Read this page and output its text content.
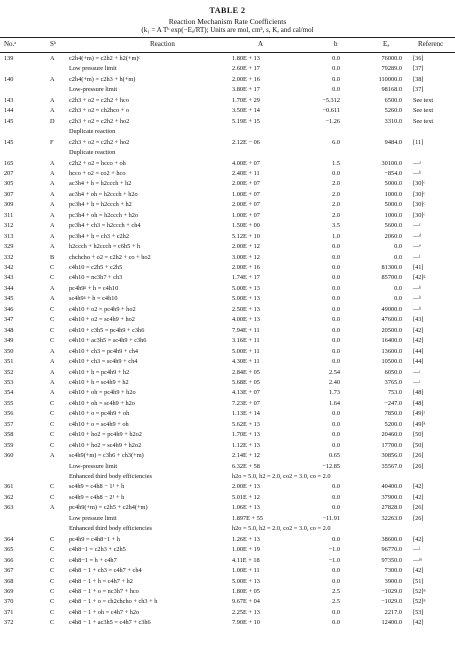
TABLE 2
Reaction Mechanism Rate Coefficients
(k₁ = A Tᵇ exp(−Eₐ/RT); Units are mol, cm³, s, K, and cal/mol
No.ᵃ	Sᵇ	Reaction	A	b	Eₐ	Referenc
139	A c2h4(+m) = c2h2 + h2(+m)ᶜ	1.80E + 13	0.0	76000.0 [36]
Low pressure limit	2.60E + 17	0.0	79289.0 [37]
140	A c2h4(+m) = c2h3 + h(+m)	2.00E + 16	0.0	110000.0 [38]
Low-pressure limit	3.80E + 17	0.0	98168.0 [37]
143	A c2h3 + o2 = c2h2 + hco	1.70E + 29	−5.312	6500.0 See text
144	A c2h3 + o2 = ch2hco + o	3.50E + 14	−0.611	5260.0 See text
145	D c2h3 + o2 = c2h2 + ho2	5.19E + 15	−1.26	3310.0 See text
Duplicate reaction
145	F c2h3 + o2 = c2h2 + ho2	2.12E − 06	6.0	9484.0 [11]
Duplicate reaction
165	A c2h2 + o2 = hcco + oh	4.00E + 07	1.5	30100.0 —ᵃ
207	A hcco + o2 = co2 + hco	2.40E + 11	0.0	−854.0 —ᵇ
305	A ac3h4 + h = h2ccch + h2	2.00E + 07	2.0	5000.0 [30]ᶜ
307	A ac3h4 + oh = h2ccch + h2o	1.00E + 07	2.0	1000.0 [30]ᶜ
309	A pc3h4 + h = h2ccch + h2	2.00E + 07	2.0	5000.0 [30]ᶜ
311	A pc3h4 + oh = h2ccch + h2o	1.00E + 07	2.0	1000.0 [30]ᶜ
312	A pc3h4 + ch3 = h2ccch + ch4	1.50E + 00	3.5	5600.0 —ᶜ
313	A pc3h4 + h = ch3 + c2h2	5.12E + 10	1.0	2060.0 —ᵈ
329	A h2ccch + h2ccch = c6h5 + h	2.00E + 12	0.0	0.0 —ᵉ
332	B chchcho + o2 = c2h2 + co + ho2	3.00E + 12	0.0	0.0 —ᶠ
342	C c4h10 = c2h5 + c2h5	2.00E + 16	0.0	81300.0 [41]
343	C c4h10 = nc3h7 + ch3	1.74E + 17	0.0	85700.0 [42]ᵍ
344	A pc4h9ᵍ + h = c4h10	5.00E + 13	0.0	0.0 —ʰ
345	A sc4h9ᵍ + h = c4h10	5.00E + 13	0.0	0.0 —ʰ
346	C c4h10 + o2 = pc4h9 + ho2	2.50E + 13	0.0	49000.0 —ʰ
347	C c4h10 + o2 = sc4h9 + ho2	4.00E + 13	0.0	47600.0 [43]
348	C c4h10 + c3h5 = pc4h9 + c3h6	7.94E + 11	0.0	20500.0 [42]
349	C c4h10 + ac3h5 = sc4h9 + c3h6	3.16E + 11	0.0	16400.0 [42]
350	A c4h10 + ch3 = pc4h9 + ch4	5.00E + 11	0.0	13600.0 [44]
351	A c4h10 + ch3 = sc4h9 + ch4	4.30E + 11	0.0	10500.0 [44]
352	A c4h10 + h = pc4h9 + h2	2.84E + 05	2.54	6050.0 —ᶦ
353	A c4h10 + h = sc4h9 + h2	5.68E + 05	2.40	3765.0 —ᶦ
354	A c4h10 + oh = pc4h9 + h2o	4.13E + 07	1.73	753.0 [48]
355	C c4h10 + oh = sc4h9 + h2o	7.23E + 07	1.64	−247.0 [48]
356	C c4h10 + o = pc4h9 + oh	1.13E + 14	0.0	7850.0 [49]ʲ
357	C c4h10 + o = sc4h9 + oh	5.62E + 13	0.0	5200.0 [49]ᵏ
358	C c4h10 + ho2 = pc4h9 + h2o2	1.70E + 13	0.0	20460.0 [50]
359	C c4h10 + ho2 = sc4h9 + h2o2	1.12E + 13	0.0	17700.0 [50]
360	A sc4h9(+m) = c3h6 + ch3(+m)	2.14E + 12	0.65	30856.0 [26]
Low-pressure limit	6.32E + 58	−12.85	35567.0 [26]
Enhanced third body efficiencies	h2o = 5.0, h2 = 2.0, co2 = 3.0, co = 2.0
361	C sc4h9 = c4h8 − 1¹ + h	2.00E + 13	0.0	40400.0 [42]
362	C sc4h9 = c4h8 − 2¹ + h	5.01E + 12	0.0	37900.0 [42]
363	A pc4h9(+m) = c2h5 + c2h4(+m)	1.06E + 13	0.0	27828.0 [26]
Low pressure limit	1.897E + 55	−11.91	32263.0 [26]
Enhanced third body efficiencies	h2o = 5.0, h2 = 2.0, co2 = 3.0, co = 2.0
364	C pc4h9 = c4h8−1 + h	1.26E + 13	0.0	38600.0 [42]
365	C c4h8−1 = c2h3 + c2h5	1.00E + 19	−1.0	96770.0 —ˡ
366	C c4h8−1 = h + c4h7	4.11E + 18	−1.0	97350.0 —ᵐ
367	C c4h8 − 1 + ch3 = c4h7 + ch4	1.00E + 11	0.0	7300.0 [42]
368	C c4h8 − 1 + h = c4h7 + h2	5.00E + 13	0.0	3900.0 [51]
369	C c4h8 − 1 + o = nc3h7 + hco	1.80E + 05	2.5	−1029.0 [52]ⁿ
370	C c4h8 − 1 + o = ch2chcho + ch3 + h	9.67E + 04	2.5	−1029.0 [52]ⁿ
371	C c4h8 − 1 + oh = c4h7 + h2o	2.25E + 13	0.0	2217.0 [53]
372	C c4h8 − 1 + ac3h5 = c4h7 + c3h6	7.90E + 10	0.0	12400.0 [42]
